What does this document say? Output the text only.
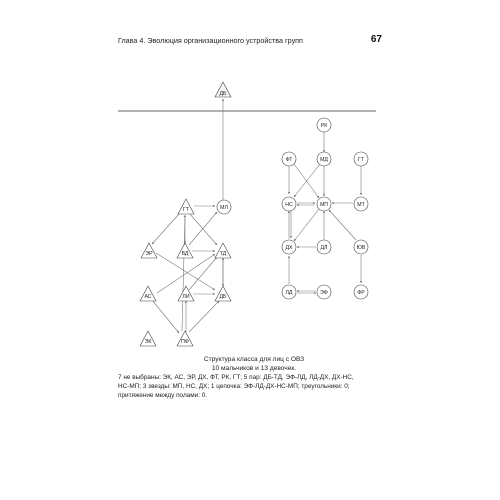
Глава 4. Эволюция организационного устройства групп	67
ДБ
ГТ	МЛ
ЭР	ВД	ТД
АС	ЛИ	ДБ
ЭК	ПФ
РК
ФТ	МД	ГТ
НС	МП	МТ
ДХ	ДЛ	ЮВ
ЛД	ЭФ	ФР
Структура класса для лиц с ОВЗ
10 мальчиков и 13 девочек.
7 не выбраны: ЭК, АС, ЭР, ДХ, ФТ, РК, ГТ; 5 пар: ДБ-ТД, ЭФ-ЛД, ЛД-ДХ, ДХ-НС,
НС-МП; 3 звезды: МП, НС, ДХ; 1 цепочка: ЭФ-ЛД-ДХ-НС-МП; треугольники: 0;
притяжение между полами: 0.
